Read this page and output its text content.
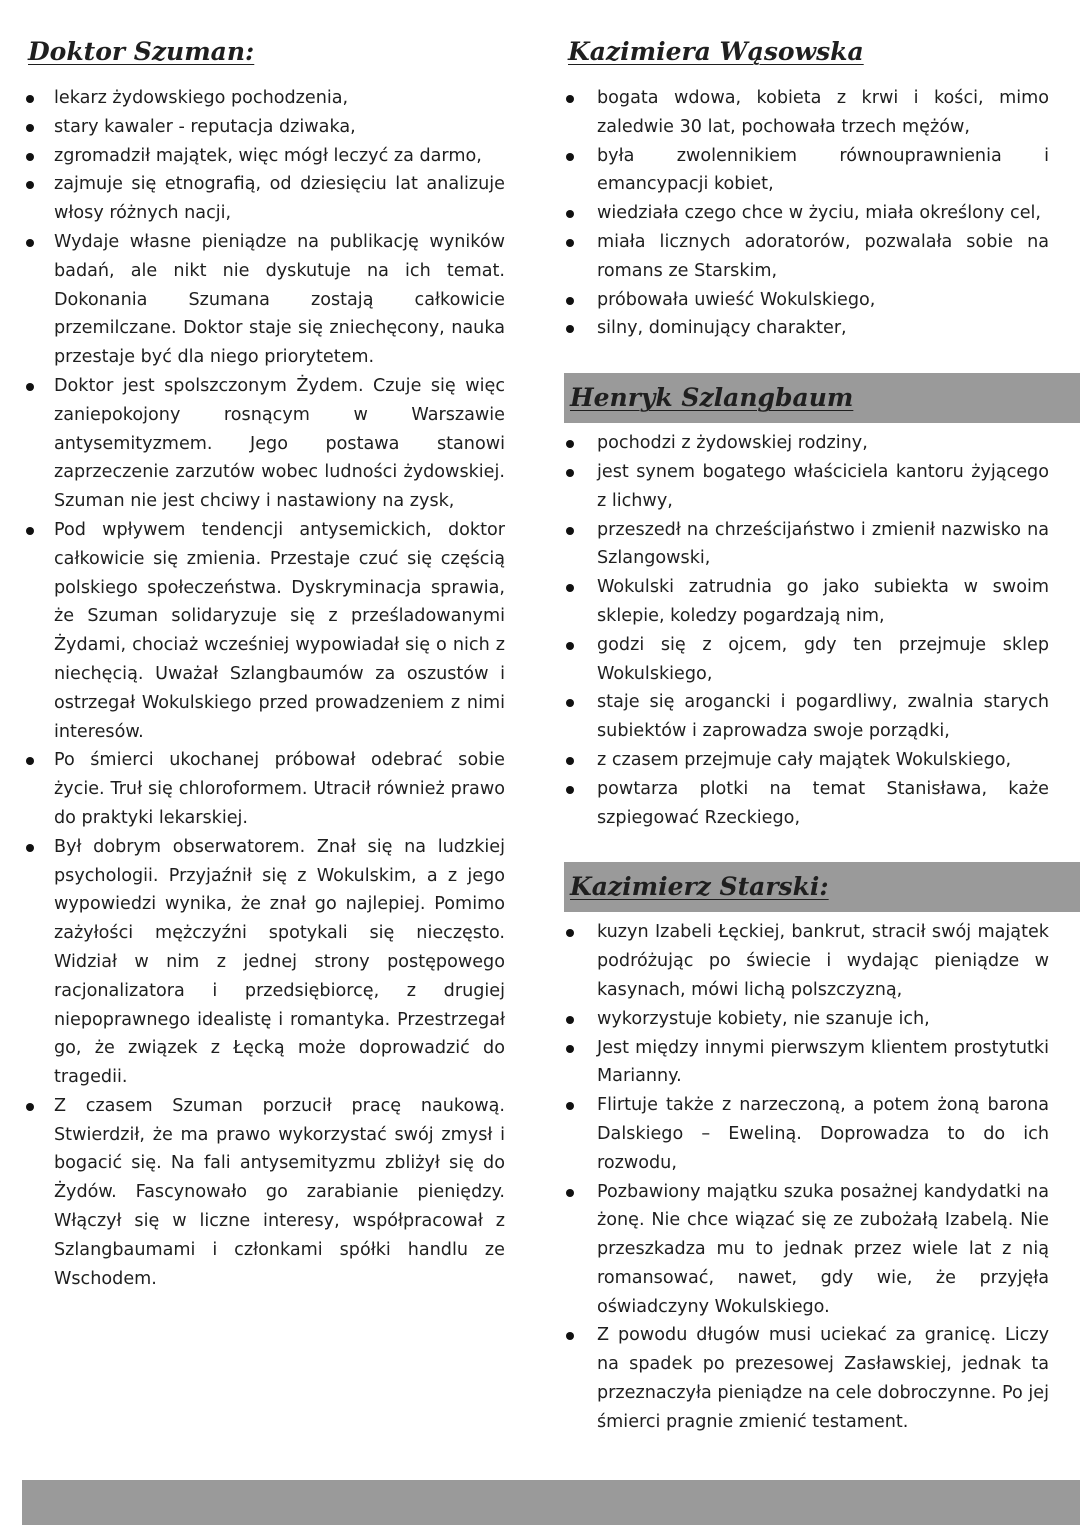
Doktor Szuman:
lekarz żydowskiego pochodzenia,
stary kawaler - reputacja dziwaka,
zgromadził majątek, więc mógł leczyć za darmo,
zajmuje się etnografią, od dziesięciu lat analizuje włosy różnych nacji,
Wydaje własne pieniądze na publikację wyników badań, ale nikt nie dyskutuje na ich temat. Dokonania Szumana zostają całkowicie przemilczane. Doktor staje się zniechęcony, nauka przestaje być dla niego priorytetem.
Doktor jest spolszczonym Żydem. Czuje się więc zaniepokojony rosnącym w Warszawie antysemityzmem. Jego postawa stanowi zaprzeczenie zarzutów wobec ludności żydowskiej. Szuman nie jest chciwy i nastawiony na zysk,
Pod wpływem tendencji antysemickich, doktor całkowicie się zmienia. Przestaje czuć się częścią polskiego społeczeństwa. Dyskryminacja sprawia, że Szuman solidaryzuje się z prześladowanymi Żydami, chociaż wcześniej wypowiadał się o nich z niechęcią. Uważał Szlangbaumów za oszustów i ostrzegał Wokulskiego przed prowadzeniem z nimi interesów.
Po śmierci ukochanej próbował odebrać sobie życie. Truł się chloroformem. Utracił również prawo do praktyki lekarskiej.
Był dobrym obserwatorem. Znał się na ludzkiej psychologii. Przyjaźnił się z Wokulskim, a z jego wypowiedzi wynika, że znał go najlepiej. Pomimo zażyłości mężczyźni spotykali się nieczęsto. Widział w nim z jednej strony postępowego racjonalizatora i przedsiębiorcę, z drugiej niepoprawnego idealistę i romantyka. Przestrzegał go, że związek z Łęcką może doprowadzić do tragedii.
Z czasem Szuman porzucił pracę naukową. Stwierdził, że ma prawo wykorzystać swój zmysł i bogacić się. Na fali antysemityzmu zbliżył się do Żydów. Fascynowało go zarabianie pieniędzy. Włączył się w liczne interesy, współpracował z Szlangbaumami i członkami spółki handlu ze Wschodem.
Kazimiera Wąsowska
bogata wdowa, kobieta z krwi i kości, mimo zaledwie 30 lat, pochowała trzech mężów,
była zwolennikiem równouprawnienia i emancypacji kobiet,
wiedziała czego chce w życiu, miała określony cel,
miała licznych adoratorów, pozwalała sobie na romans ze Starskim,
próbowała uwieść Wokulskiego,
silny, dominujący charakter,
Henryk Szlangbaum
pochodzi z żydowskiej rodziny,
jest synem bogatego właściciela kantoru żyjącego z lichwy,
przeszedł na chrześcijaństwo i zmienił nazwisko na Szlangowski,
Wokulski zatrudnia go jako subiekta w swoim sklepie, koledzy pogardzają nim,
godzi się z ojcem, gdy ten przejmuje sklep Wokulskiego,
staje się arogancki i pogardliwy, zwalnia starych subiektów i zaprowadza swoje porządki,
z czasem przejmuje cały majątek Wokulskiego,
powtarza plotki na temat Stanisława, każe szpiegować Rzeckiego,
Kazimierz Starski:
kuzyn Izabeli Łęckiej, bankrut, stracił swój majątek podróżując po świecie i wydając pieniądze w kasynach, mówi lichą polszczyzną,
wykorzystuje kobiety, nie szanuje ich,
Jest między innymi pierwszym klientem prostytutki Marianny.
Flirtuje także z narzeczoną, a potem żoną barona Dalskiego – Eweliną. Doprowadza to do ich rozwodu,
Pozbawiony majątku szuka posażnej kandydatki na żonę. Nie chce wiązać się ze zubożałą Izabelą. Nie przeszkadza mu to jednak przez wiele lat z nią romansować, nawet, gdy wie, że przyjęła oświadczyny Wokulskiego.
Z powodu długów musi uciekać za granicę. Liczy na spadek po prezesowej Zasławskiej, jednak ta przeznaczyła pieniądze na cele dobroczynne. Po jej śmierci pragnie zmienić testament.
